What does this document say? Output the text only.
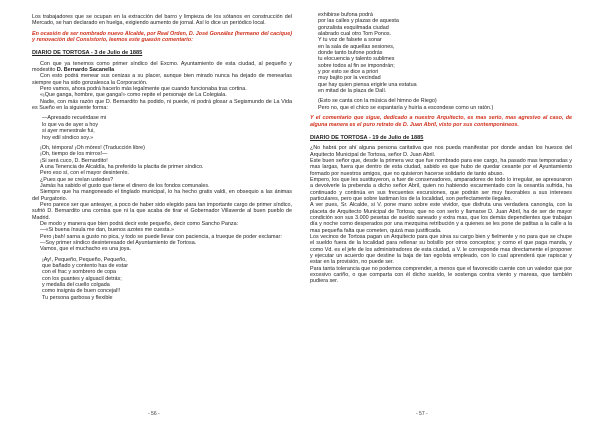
Los trabajadores que se ocupan en la extracción del barro y limpieza de los sótanos en construcción del Mercado, se han declarado en huelga, exigiendo aumento de jornal. Así lo dice un periódico local.

En ocasión de ser nombrado nuevo Alcalde, por Real Orden, D. José González (hermano del cacique) y renovación del Consistorio, leemos este guasón comentario:

DIARIO DE TORTOSA - 3 de Julio de 1885

Con que ya tenemos como primer síndico del Excmo. Ayuntamiento de esta ciudad, al pequeño y modestito D. Bernardo Sacanella

Con esto podrá menear sus cenizas a su placer, aunque bien mirado nunca ha dejado de menearlas siempre que ha sido gonzalesca la Corporación.

Pero vamos, ahora podrá hacerlo más legalmente que cuando funcionaba tras cortina.

«¡Que ganga, hombre, que ganga!» como repite el personaje de La Colegiala.

Nadie, con más razón que D. Bernardito ha podido, ni puede, ni podrá glosar a Segismundo de La Vida es Sueño en la siguiente forma:

—Apresado recuérdase mi
lo que va de ayer a hoy
si ayer menestrale fui,
hoy edil síndico soy.»
¡Oh, témpora! ¡Oh mòres! (Traducción libre)
¡Oh, tiempo de los mirros!—
¡Si será cuco, D. Bernardito!
A una Tenencia de Alcaldía, ha preferido la placita de primer síndico.
Pero eso sí, con el mayor desinterés.
¿Pues que se creían ustedes?

Jamás ha sabido el gusto que tiene el dinero de los fondos comunales.

Siempre que ha mangoneado el tinglado municipal, lo ha hecho gratis valdi, en obsequio a las ánimas del Purgatorio.

Pero parece ser que anteayer, a poco de haber sido elegido para tan importante cargo de primer síndico, sufrió D. Bernardito una cornisa que ni la que acaba de tirar el Gobernador Villaverde al buen pueblo de Madrid.

De modo y manera que bien podrá decir este pequeño, decir como Sancho Panza:

—«Si buena ínsula me dan, buenos azotes me cuesta.»

Pero ¡bah! sarna a gusto no pica, y todo se puede llevar con paciencia, a trueque de poder exclamar:

—Soy primer síndico desinteresado del Ayuntamiento de Tortosa.

Vamos, que el muchacho es una joya.

¡Ay!, Pequeño, Pequeño, Pequeño,
que bañado y contento has de estar
con el frac y sombrero de copa
con los guantes y alguacil detrás;
y medalla del cuello colgada
como insignia de buen concejal!!
Tu persona garbosa y flexible
- 56 -
exhibirse bufona podrá
por las calles y plazas de aquesta
gonzalista esquilmada ciudad
alabrado cual otro Tom Ponos.
Y tu voz de falsete a sonar
en la sala de aquellas sesiones,
donde tanto bufone podrás
tu elocuencia y talento sublimes
sobre todos al fin se impondrán;
y por esto se dice a priori
muy bajito por la vecindad
que hay quien piensa erigirle una estatua
en mitad de la plaza de Dalí.

(Esto se canta con la música del himno de Riego)

Pero no, que el chico se espantaría y huiría a escondese como un ratón.)

Y el comentario que sigue, dedicado a nuestro Arquitecto, es mas serio, mas agresivo al caso, de alguna manera es el puro retrato de D. Juan Abril, visto por sus contemporáneos.

DIARIO DE TORTOSA - 19 de Julio de 1885

¿No habrá por ahí alguna persona caritativa que nos pueda manifestar por donde andan los huesos del Arquitecto Municipal de Tortosa, señor D. Juan Abril.

Este buen señor que, desde la primera vez que fue nombrado para ese cargo, ha pasado mas temporadas y mas largas, fuera que dentro de esta ciudad, sabido es que hubo de quedar cesante por el Ayuntamiento formado por nuestros amigos, que no quisieron hacerse solidario de tanto abuso.

Empero, los que les sustituyeron, a fuer de conservadores, amparadores de todo lo irregular, se apresuraron a devolverle la prebenda a dicho señor Abril, quien no habiendo escarmentado con la cesantía sufrida, ha continuado y continúa en sus frecuentes excursiones, que podrán ser muy favorables a sus intereses particulares, pero que sobre lastiman los de la localidad, son perfectamente ilegales.

A ver pues, Sr. Alcalde, si V. pone mano sobre este vividor, que disfruta una verdadera canongía, con la placeta de Arquitecto Municipal de Tortosa; que no con serlo y llamarse D. Juan Abril, ha de ser de mayor condición son sus 3.000 pesetas de sueldo saneado y extra mas, que los demás dependientes que trabajan día y noche como desperados por una mezquina retribución y a quienes se les pone de patitas a la calle a la mas pequeña falta que cometen, quizá mas justificada.

Los vecinos de Tortosa pagan un Arquitecto para que sirva su cargo bien y fielmente y no para que se chupe el sueldo fuera de la localidad para rellenar su bolsillo por otros conceptos; y como el que paga manda, y como Vd. es el jefe de los administradores de esta ciudad, a V. le corresponde mas directamente el proponer y ejecutar un acuerdo que destine la baja de tan egoísta empleado, con lo cual aprenderá que rapiscar y estar en la provisión, no puede ser.

Para tanta tolerancia que no podemos comprender, a menos que el favorecido cuente con un valedor que por excesivo cariño, o que comparta con él dicho sueldo, le sostenga contra viento y mareas, que también pudiera ser.

- 57 -
